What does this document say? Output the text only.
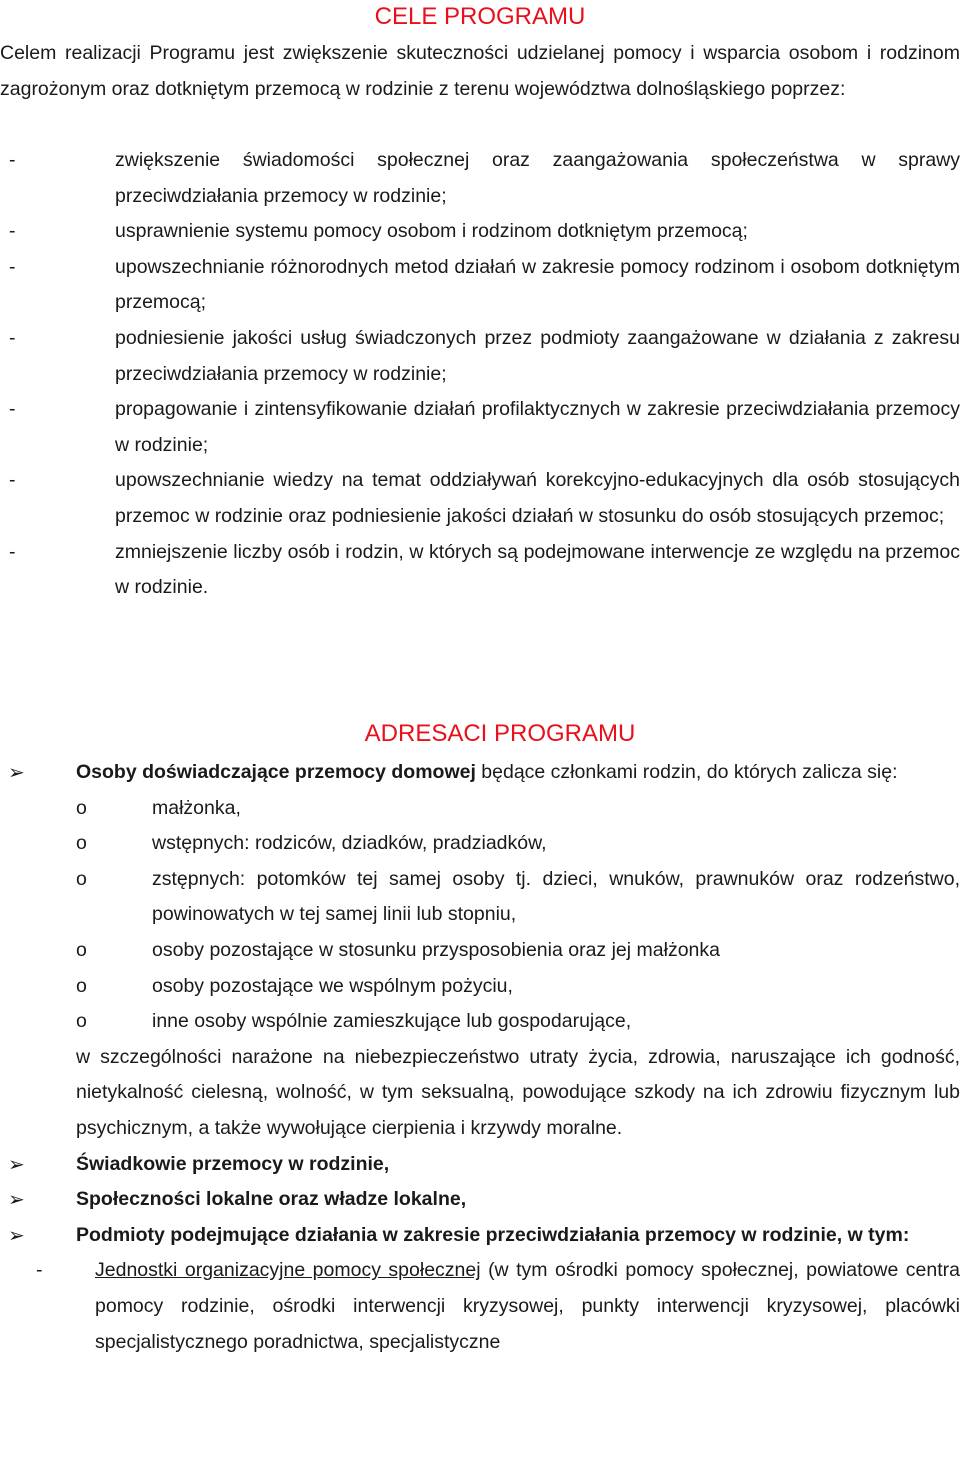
CELE PROGRAMU

Celem realizacji Programu jest zwiększenie skuteczności udzielanej pomocy i wsparcia osobom i rodzinom zagrożonym oraz dotkniętym przemocą w rodzinie z terenu województwa dolnośląskiego poprzez:

-	zwiększenie świadomości społecznej oraz zaangażowania społeczeństwa w sprawy przeciwdziałania przemocy w rodzinie;
-	usprawnienie systemu pomocy osobom i rodzinom dotkniętym przemocą;
-	upowszechnianie różnorodnych metod działań w zakresie pomocy rodzinom i osobom dotkniętym przemocą;
-	podniesienie jakości usług świadczonych przez podmioty zaangażowane w działania z zakresu przeciwdziałania przemocy w rodzinie;
-	propagowanie i zintensyfikowanie działań profilaktycznych w zakresie przeciwdziałania przemocy w rodzinie;
-	upowszechnianie wiedzy na temat oddziaływań korekcyjno-edukacyjnych dla osób stosujących przemoc w rodzinie oraz podniesienie jakości działań w stosunku do osób stosujących przemoc;
-	zmniejszenie liczby osób i rodzin, w których są podejmowane interwencje ze względu na przemoc w rodzinie.
ADRESACI PROGRAMU
➢	Osoby doświadczające przemocy domowej będące członkami rodzin, do których zalicza się:
o	małżonka,
o	wstępnych: rodziców, dziadków, pradziadków,
o	zstępnych: potomków tej samej osoby tj. dzieci, wnuków, prawnuków oraz rodzeństwo, powinowatych w tej samej linii lub stopniu,
o	osoby pozostające w stosunku przysposobienia oraz jej małżonka
o	osoby pozostające we wspólnym pożyciu,
o	inne osoby wspólnie zamieszkujące lub gospodarujące,

w szczególności narażone na niebezpieczeństwo utraty życia, zdrowia, naruszające ich godność, nietykalność cielesną, wolność, w tym seksualną, powodujące szkody na ich zdrowiu fizycznym lub psychicznym, a także wywołujące cierpienia i krzywdy moralne.

➢	Świadkowie przemocy w rodzinie,
➢	Społeczności lokalne oraz władze lokalne,
➢	Podmioty podejmujące działania w zakresie przeciwdziałania przemocy w rodzinie, w tym:
-	Jednostki organizacyjne pomocy społecznej (w tym ośrodki pomocy społecznej, powiatowe centra pomocy rodzinie, ośrodki interwencji kryzysowej, punkty interwencji kryzysowej, placówki specjalistycznego poradnictwa, specjalistyczne
